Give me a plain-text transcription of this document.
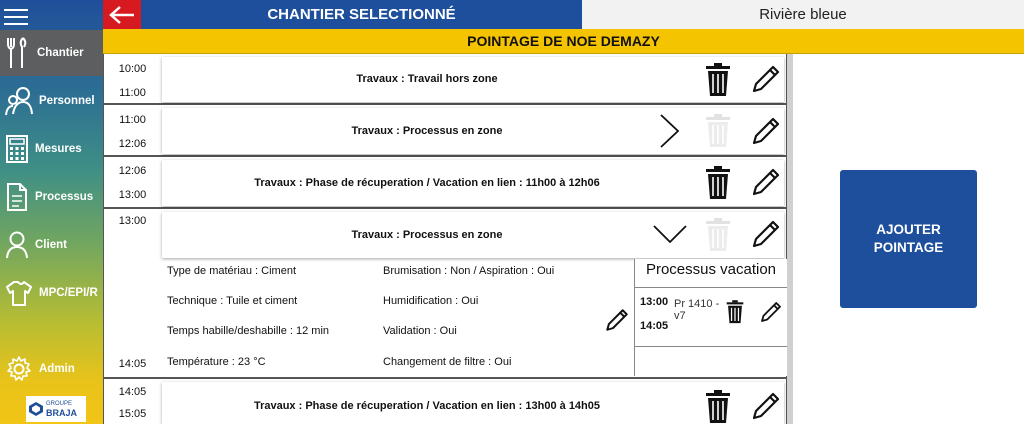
Chantier
Personnel
Mesures
Processus
Client
MPC/EPI/R
Admin
GROUPE
BRAJA
CHANTIER SELECTIONNÉ	Rivière bleue
POINTAGE DE NOE DEMAZY
10:00
11:00
Travaux : Travail hors zone
11:00
12:06
Travaux : Processus en zone
12:06
13:00
Travaux : Phase de récuperation / Vacation en lien : 11h00 à 12h06
13:00
14:05
Travaux : Processus en zone
Type de matériau : Ciment
Technique : Tuile et ciment
Temps habille/deshabille : 12 min
Température : 23 °C
Brumisation : Non / Aspiration : Oui
Humidification : Oui
Validation : Oui
Changement de filtre : Oui
Processus vacation
13:00
14:05
Pr 1410 - v7
14:05
15:05
Travaux : Phase de récuperation / Vacation en lien : 13h00 à 14h05
AJOUTER POINTAGE
